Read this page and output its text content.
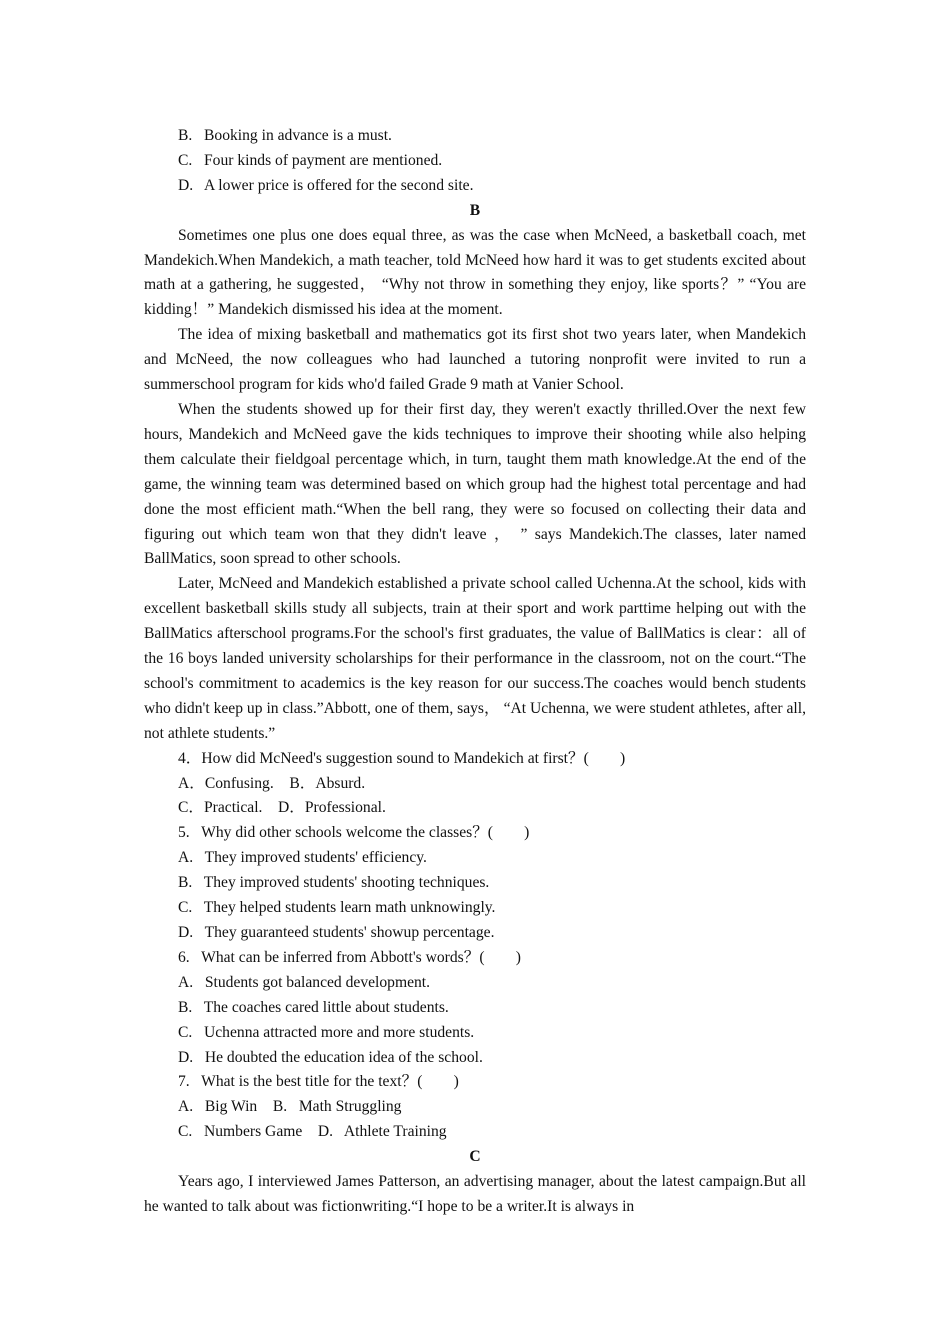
B.   Booking in advance is a must.

C.   Four kinds of payment are mentioned.

D.   A lower price is offered for the second site.

B

Sometimes one plus one does equal three, as was the case when McNeed, a basketball coach, met Mandekich.When Mandekich, a math teacher, told McNeed how hard it was to get students excited about math at a gathering, he suggested， “Why not throw in something they enjoy, like sports？” “You are kidding！” Mandekich dismissed his idea at the moment.

The idea of mixing basketball and mathematics got its first shot two years later, when Mandekich and McNeed, the now colleagues who had launched a tutoring nonprofit were invited to run a summerschool program for kids who'd failed Grade 9 math at Vanier School.

When the students showed up for their first day, they weren't exactly thrilled.Over the next few hours, Mandekich and McNeed gave the kids techniques to improve their shooting while also helping them calculate their fieldgoal percentage which, in turn, taught them math knowledge.At the end of the game, the winning team was determined based on which group had the highest total percentage and had done the most efficient math.“When the bell rang, they were so focused on collecting their data and figuring out which team won that they didn't leave ， ” says Mandekich.The classes, later named BallMatics, soon spread to other schools.

Later, McNeed and Mandekich established a private school called Uchenna.At the school, kids with excellent basketball skills study all subjects, train at their sport and work parttime helping out with the BallMatics afterschool programs.For the school's first graduates, the value of BallMatics is clear：all of the 16 boys landed university scholarships for their performance in the classroom, not on the court.“The school's commitment to academics is the key reason for our success.The coaches would bench students who didn't keep up in class.”Abbott, one of them, says， “At Uchenna, we were student athletes, after all, not athlete students.”

4．How did McNeed's suggestion sound to Mandekich at first？(        )

A．Confusing.    B．Absurd.

C．Practical.    D．Professional.

5.   Why did other schools welcome the classes？(        )

A.   They improved students' efficiency.

B.   They improved students' shooting techniques.

C.   They helped students learn math unknowingly.

D.   They guaranteed students' showup percentage.

6.   What can be inferred from Abbott's words？(        )

A.   Students got balanced development.

B.   The coaches cared little about students.

C.   Uchenna attracted more and more students.

D.   He doubted the education idea of the school.

7.   What is the best title for the text？(        )

A.   Big Win    B.   Math Struggling

C.   Numbers Game    D.   Athlete Training

C

Years ago, I interviewed James Patterson, an advertising manager, about the latest campaign.But all he wanted to talk about was fictionwriting.“I hope to be a writer.It is always in
